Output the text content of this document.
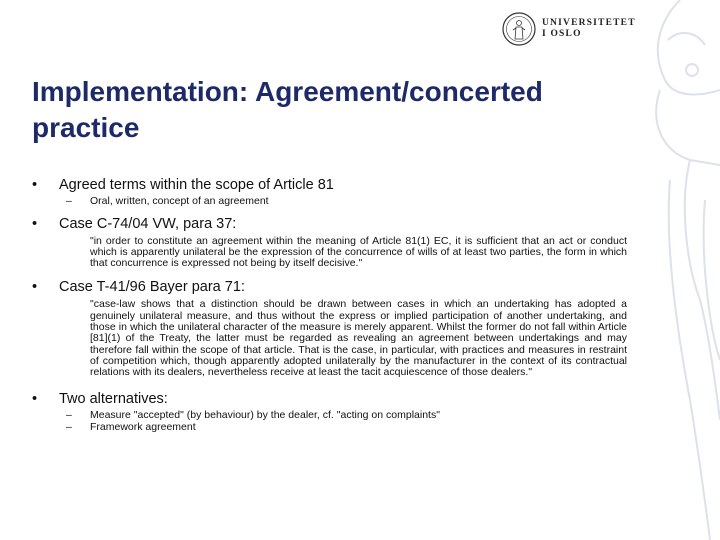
UNIVERSITETET
I OSLO
Implementation: Agreement/concerted practice
• Agreed terms within the scope of Article 81
– Oral, written, concept of an agreement
• Case C-74/04 VW, para 37:
"in order to constitute an agreement within the meaning of Article 81(1) EC, it is sufficient that an act or conduct which is apparently unilateral be the expression of the concurrence of wills of at least two parties, the form in which that concurrence is expressed not being by itself decisive."
• Case T-41/96 Bayer para 71:
"case-law shows that a distinction should be drawn between cases in which an undertaking has adopted a genuinely unilateral measure, and thus without the express or implied participation of another undertaking, and those in which the unilateral character of the measure is merely apparent. Whilst the former do not fall within Article [81](1) of the Treaty, the latter must be regarded as revealing an agreement between undertakings and may therefore fall within the scope of that article. That is the case, in particular, with practices and measures in restraint of competition which, though apparently adopted unilaterally by the manufacturer in the context of its contractual relations with its dealers, nevertheless receive at least the tacit acquiescence of those dealers."
• Two alternatives:
– Measure "accepted" (by behaviour) by the dealer, cf. "acting on complaints"
– Framework agreement
